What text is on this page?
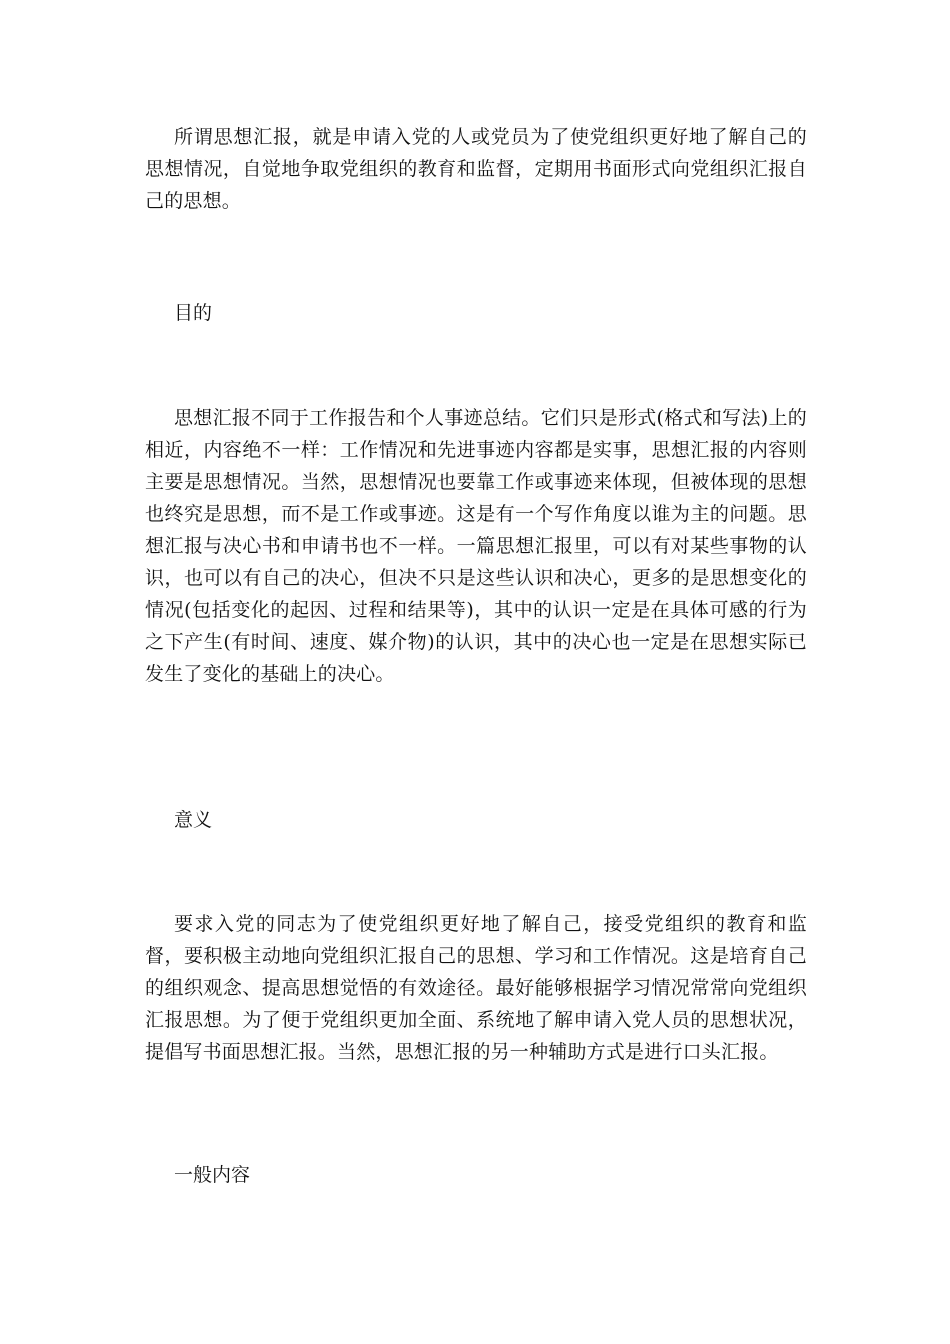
所谓思想汇报，就是申请入党的人或党员为了使党组织更好地了解自己的思想情况，自觉地争取党组织的教育和监督，定期用书面形式向党组织汇报自己的思想。

目的

思想汇报不同于工作报告和个人事迹总结。它们只是形式(格式和写法)上的相近，内容绝不一样：工作情况和先进事迹内容都是实事，思想汇报的内容则主要是思想情况。当然，思想情况也要靠工作或事迹来体现，但被体现的思想也终究是思想，而不是工作或事迹。这是有一个写作角度以谁为主的问题。思想汇报与决心书和申请书也不一样。一篇思想汇报里，可以有对某些事物的认识，也可以有自己的决心，但决不只是这些认识和决心，更多的是思想变化的情况(包括变化的起因、过程和结果等)，其中的认识一定是在具体可感的行为之下产生(有时间、速度、媒介物)的认识，其中的决心也一定是在思想实际已发生了变化的基础上的决心。

意义

要求入党的同志为了使党组织更好地了解自己，接受党组织的教育和监督，要积极主动地向党组织汇报自己的思想、学习和工作情况。这是培育自己的组织观念、提高思想觉悟的有效途径。最好能够根据学习情况常常向党组织汇报思想。为了便于党组织更加全面、系统地了解申请入党人员的思想状况，提倡写书面思想汇报。当然，思想汇报的另一种辅助方式是进行口头汇报。

一般内容
